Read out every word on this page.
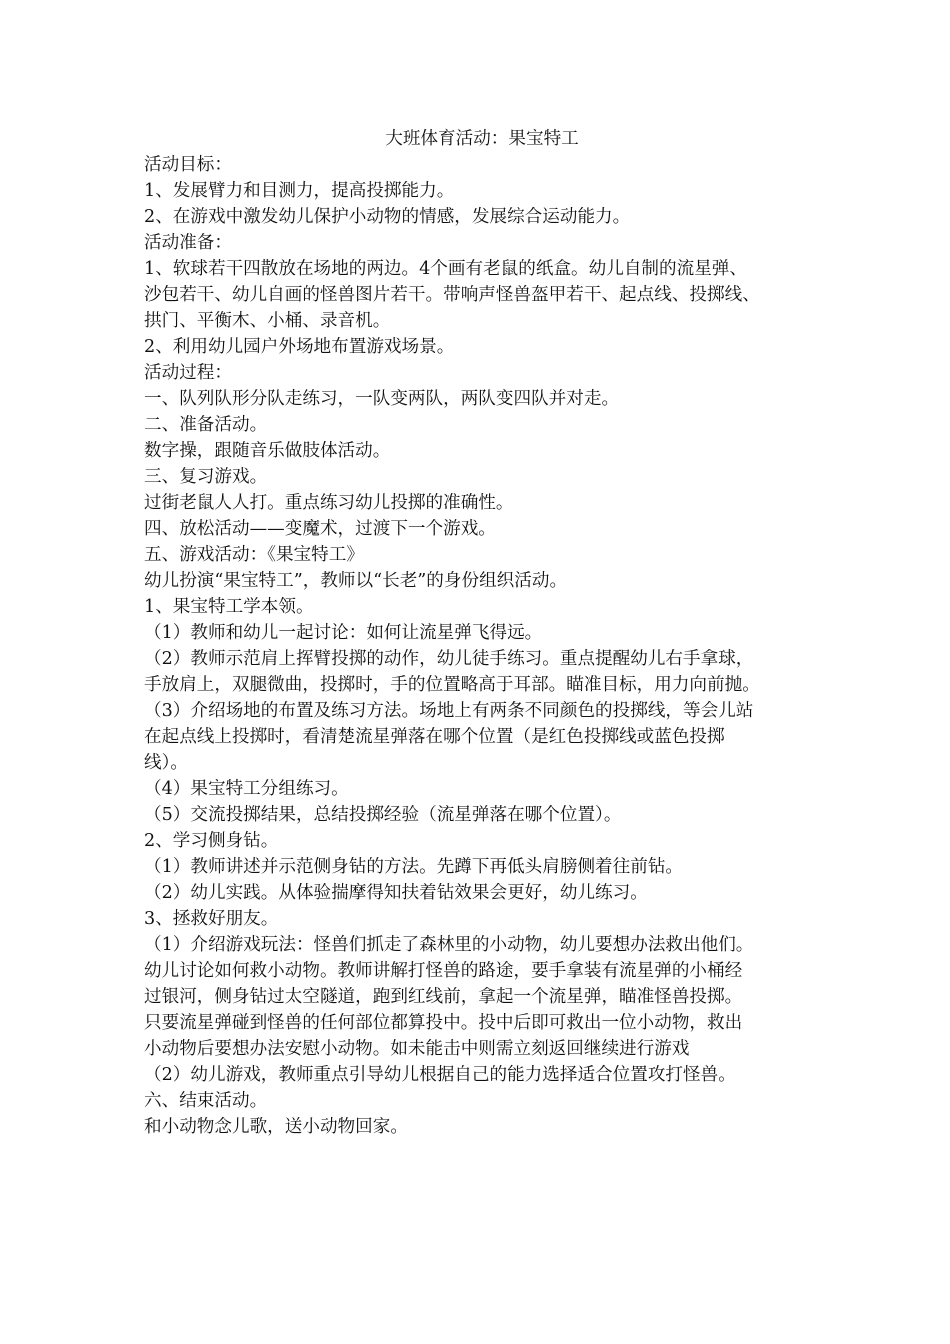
大班体育活动：果宝特工

活动目标：

1、发展臂力和目测力，提高投掷能力。

2、在游戏中激发幼儿保护小动物的情感，发展综合运动能力。

活动准备：

1、软球若干四散放在场地的两边。4个画有老鼠的纸盒。幼儿自制的流星弹、

沙包若干、幼儿自画的怪兽图片若干。带响声怪兽盔甲若干、起点线、投掷线、

拱门、平衡木、小桶、录音机。

2、利用幼儿园户外场地布置游戏场景。

活动过程：

一、队列队形分队走练习，一队变两队，两队变四队并对走。

二、准备活动。

数字操，跟随音乐做肢体活动。

三、复习游戏。

过街老鼠人人打。重点练习幼儿投掷的准确性。

四、放松活动——变魔术，过渡下一个游戏。

五、游戏活动：《果宝特工》

幼儿扮演“果宝特工”，教师以“长老”的身份组织活动。

1、果宝特工学本领。

（1）教师和幼儿一起讨论：如何让流星弹飞得远。

（2）教师示范肩上挥臂投掷的动作，幼儿徒手练习。重点提醒幼儿右手拿球，

手放肩上，双腿微曲，投掷时，手的位置略高于耳部。瞄准目标，用力向前抛。

（3）介绍场地的布置及练习方法。场地上有两条不同颜色的投掷线，等会儿站

在起点线上投掷时，看清楚流星弹落在哪个位置（是红色投掷线或蓝色投掷

线）。

（4）果宝特工分组练习。

（5）交流投掷结果，总结投掷经验（流星弹落在哪个位置）。

2、学习侧身钻。

（1）教师讲述并示范侧身钻的方法。先蹲下再低头肩膀侧着往前钻。

（2）幼儿实践。从体验揣摩得知扶着钻效果会更好，幼儿练习。

3、拯救好朋友。

（1）介绍游戏玩法：怪兽们抓走了森林里的小动物，幼儿要想办法救出他们。

幼儿讨论如何救小动物。教师讲解打怪兽的路途，要手拿装有流星弹的小桶经

过银河，侧身钻过太空隧道，跑到红线前，拿起一个流星弹，瞄准怪兽投掷。

只要流星弹碰到怪兽的任何部位都算投中。投中后即可救出一位小动物，救出

小动物后要想办法安慰小动物。如未能击中则需立刻返回继续进行游戏

（2）幼儿游戏，教师重点引导幼儿根据自己的能力选择适合位置攻打怪兽。

六、结束活动。

和小动物念儿歌，送小动物回家。
